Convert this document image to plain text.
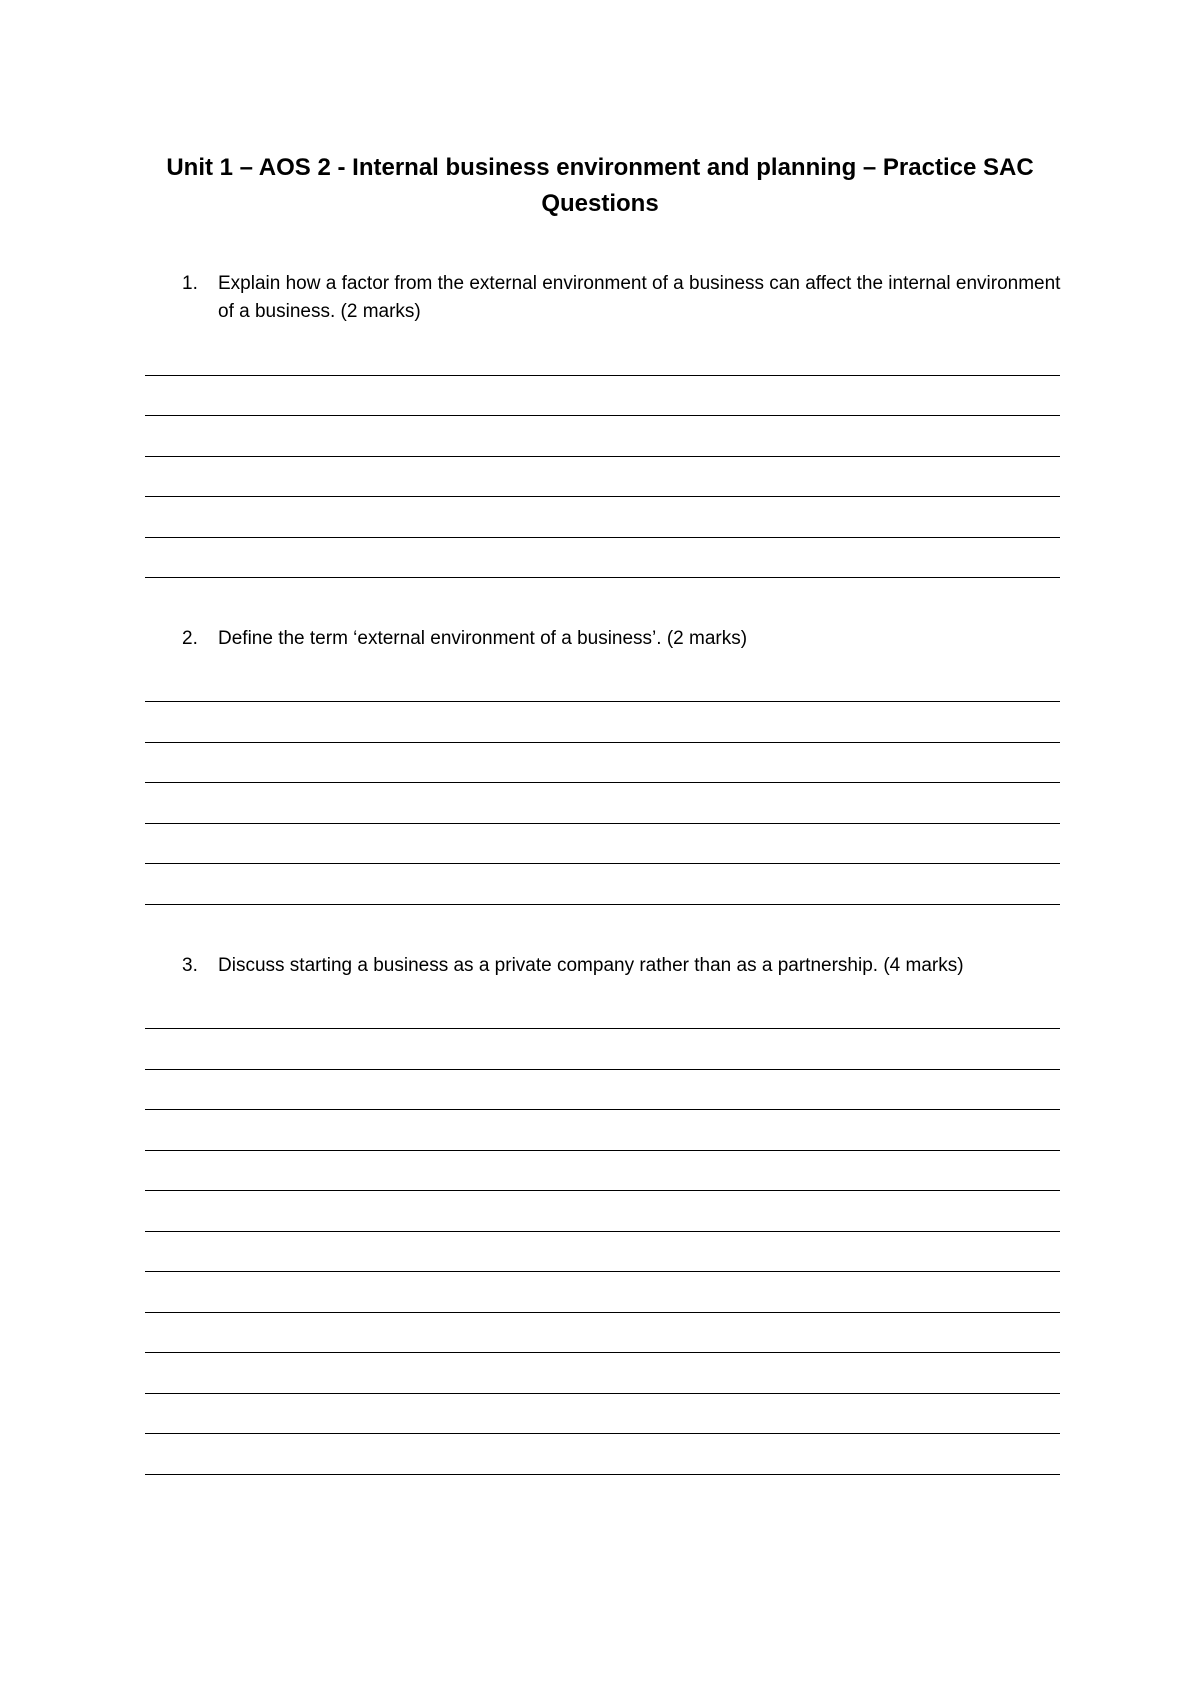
Unit 1 – AOS 2 - Internal business environment and planning – Practice SAC Questions
1.	Explain how a factor from the external environment of a business can affect the internal environment of a business. (2 marks)
2.	Define the term ‘external environment of a business’. (2 marks)
3.	Discuss starting a business as a private company rather than as a partnership. (4 marks)
